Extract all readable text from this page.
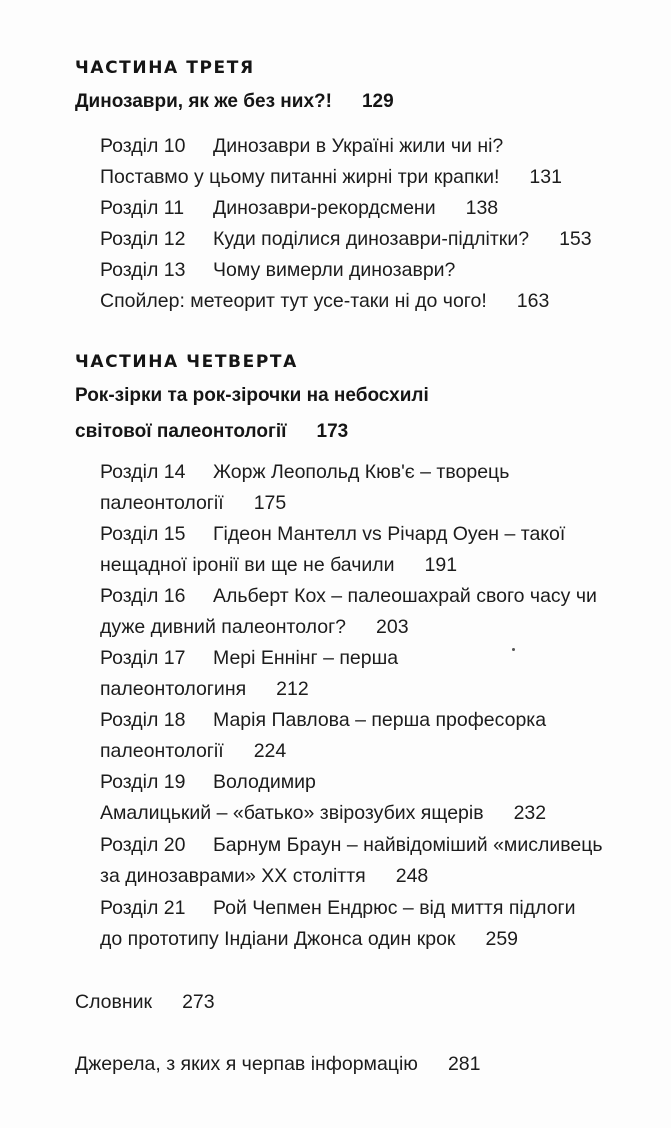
ЧАСТИНА ТРЕТЯ
Динозаври, як же без них?! 129
Розділ 10 Динозаври в Україні жили чи ні?
Поставмо у цьому питанні жирні три крапки! 131
Розділ 11 Динозаври-рекордсмени 138
Розділ 12 Куди поділися динозаври-підлітки? 153
Розділ 13 Чому вимерли динозаври?
Спойлер: метеорит тут усе-таки ні до чого! 163
ЧАСТИНА ЧЕТВЕРТА
Рок-зірки та рок-зірочки на небосхилі
світової палеонтології 173
Розділ 14 Жорж Леопольд Кюв'є – творець
палеонтології 175
Розділ 15 Гідеон Мантелл vs Річард Оуен – такої
нещадної іронії ви ще не бачили 191
Розділ 16 Альберт Кох – палеошахрай свого часу чи
дуже дивний палеонтолог? 203
Розділ 17 Мері Еннінг – перша
палеонтологиня 212
Розділ 18 Марія Павлова – перша професорка
палеонтології 224
Розділ 19 Володимир
Амалицький – «батько» звірозубих ящерів 232
Розділ 20 Барнум Браун – найвідоміший «мисливець
за динозаврами» ХХ століття 248
Розділ 21 Рой Чепмен Ендрюс – від миття підлоги
до прототипу Індіани Джонса один крок 259
Словник 273
Джерела, з яких я черпав інформацію 281
